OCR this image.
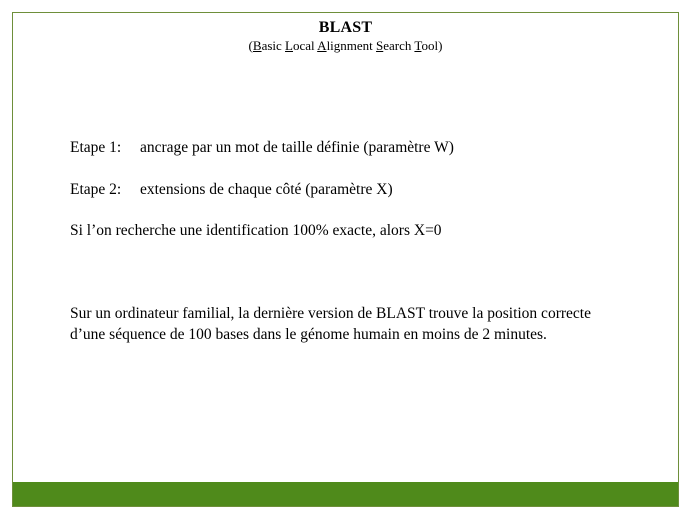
BLAST
(Basic Local Alignment Search Tool)
Etape 1: ancrage par un mot de taille définie (paramètre W)
Etape 2: extensions de chaque côté (paramètre X)
Si l’on recherche une identification 100% exacte, alors X=0
Sur un ordinateur familial, la dernière version de BLAST trouve la position correcte d’une séquence de 100 bases dans le génome humain en moins de 2 minutes.
